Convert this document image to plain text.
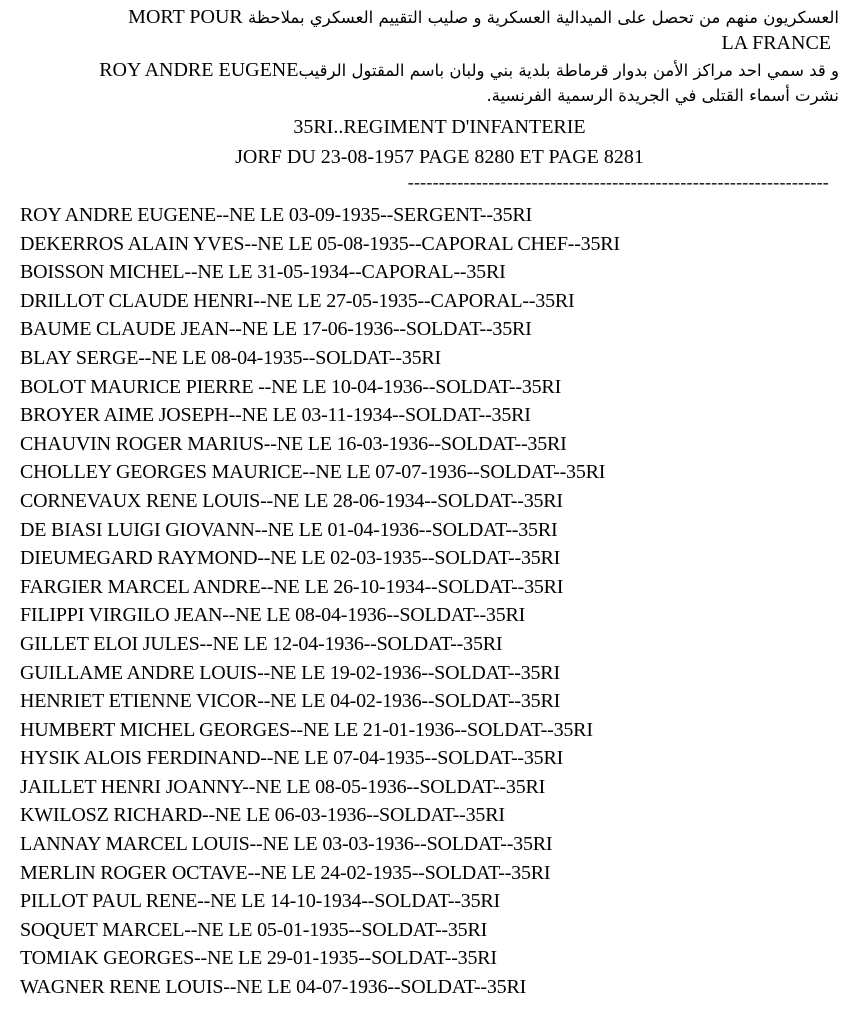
العسكريون منهم من تحصل على الميدالية العسكرية و صليب التقييم العسكري بملاحظة MORT POUR
LA FRANCE
و قد سمي احد مراكز الأمن بدوار قرماطة بلدية بني ولبان باسم المقتول الرقيبROY ANDRE EUGENE
نشرت أسماء القتلى في الجريدة الرسمية الفرنسية.
35RI..REGIMENT D'INFANTERIE
JORF DU 23-08-1957 PAGE 8280 ET PAGE 8281
--------------------------------------------------------------------
ROY ANDRE EUGENE--NE LE 03-09-1935--SERGENT--35RI
DEKERROS ALAIN YVES--NE LE 05-08-1935--CAPORAL CHEF--35RI
BOISSON MICHEL--NE LE 31-05-1934--CAPORAL--35RI
DRILLOT CLAUDE HENRI--NE LE 27-05-1935--CAPORAL--35RI
BAUME CLAUDE JEAN--NE LE 17-06-1936--SOLDAT--35RI
BLAY SERGE--NE LE 08-04-1935--SOLDAT--35RI
BOLOT MAURICE PIERRE --NE LE 10-04-1936--SOLDAT--35RI
BROYER AIME JOSEPH--NE LE 03-11-1934--SOLDAT--35RI
CHAUVIN ROGER MARIUS--NE LE 16-03-1936--SOLDAT--35RI
CHOLLEY GEORGES MAURICE--NE LE 07-07-1936--SOLDAT--35RI
CORNEVAUX RENE LOUIS--NE LE 28-06-1934--SOLDAT--35RI
DE BIASI LUIGI GIOVANN--NE LE 01-04-1936--SOLDAT--35RI
DIEUMEGARD RAYMOND--NE LE 02-03-1935--SOLDAT--35RI
FARGIER MARCEL ANDRE--NE LE 26-10-1934--SOLDAT--35RI
FILIPPI VIRGILO JEAN--NE LE 08-04-1936--SOLDAT--35RI
GILLET ELOI JULES--NE LE 12-04-1936--SOLDAT--35RI
GUILLAME ANDRE LOUIS--NE LE 19-02-1936--SOLDAT--35RI
HENRIET ETIENNE VICOR--NE LE 04-02-1936--SOLDAT--35RI
HUMBERT MICHEL GEORGES--NE LE 21-01-1936--SOLDAT--35RI
HYSIK ALOIS FERDINAND--NE LE 07-04-1935--SOLDAT--35RI
JAILLET HENRI JOANNY--NE LE 08-05-1936--SOLDAT--35RI
KWILOSZ RICHARD--NE LE 06-03-1936--SOLDAT--35RI
LANNAY MARCEL LOUIS--NE LE 03-03-1936--SOLDAT--35RI
MERLIN ROGER OCTAVE--NE LE 24-02-1935--SOLDAT--35RI
PILLOT PAUL RENE--NE LE 14-10-1934--SOLDAT--35RI
SOQUET MARCEL--NE LE 05-01-1935--SOLDAT--35RI
TOMIAK GEORGES--NE LE 29-01-1935--SOLDAT--35RI
WAGNER RENE LOUIS--NE LE 04-07-1936--SOLDAT--35RI
